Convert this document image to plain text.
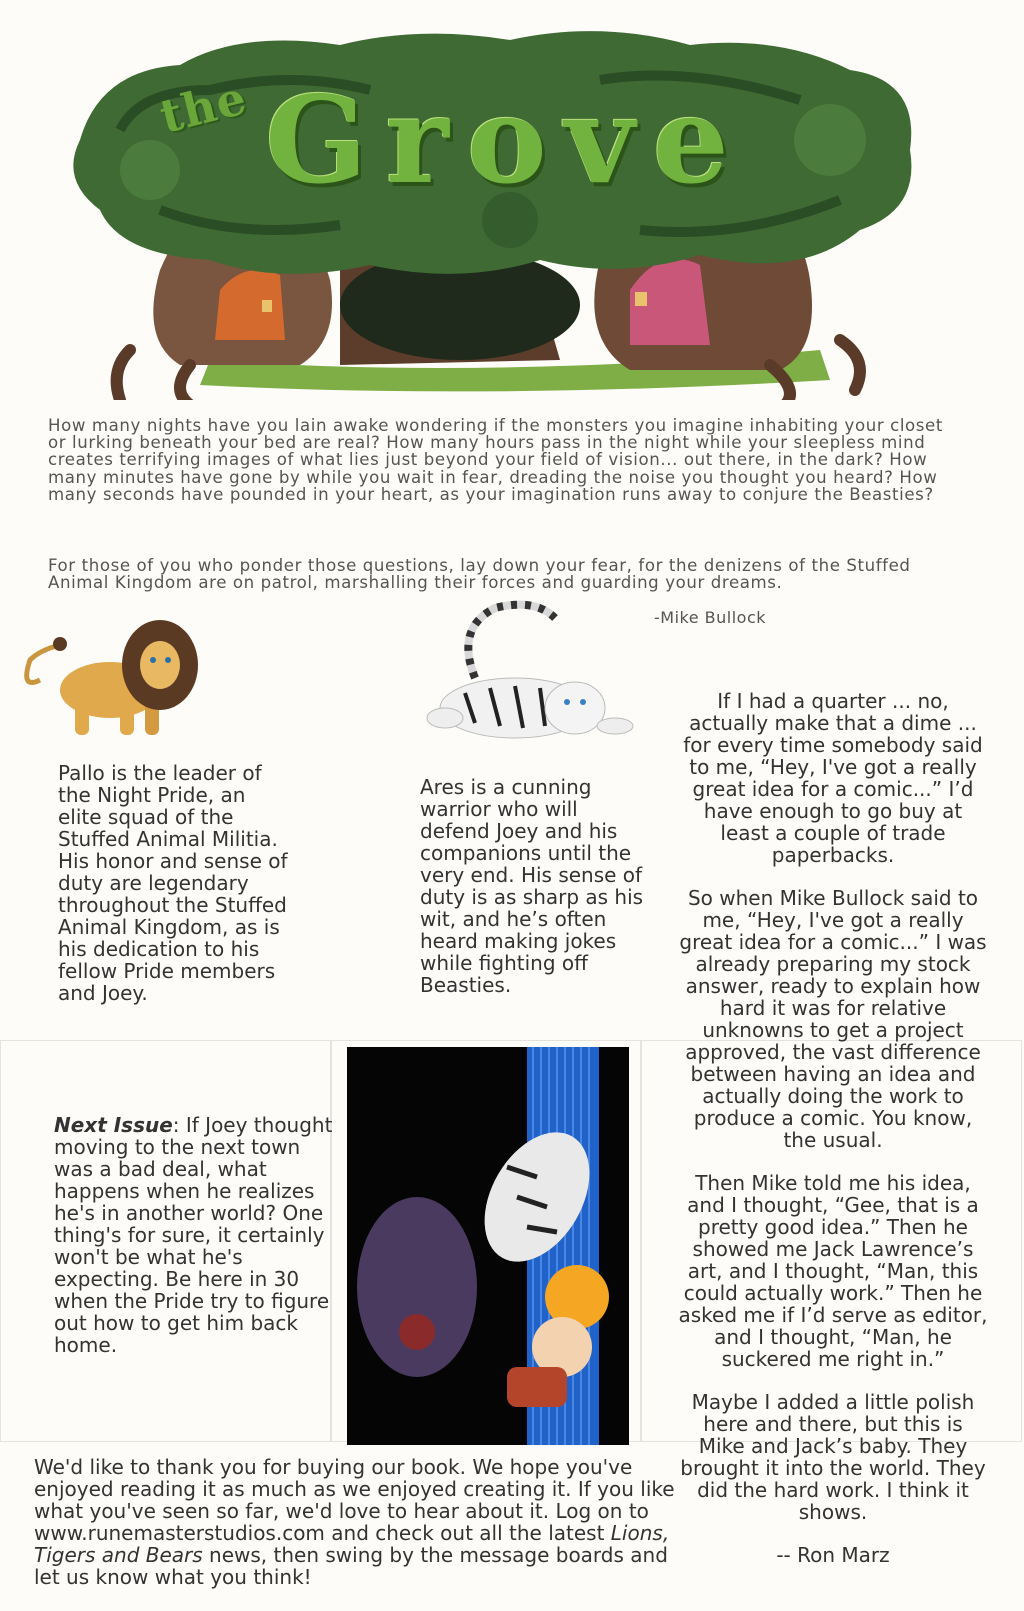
the Grove

How many nights have you lain awake wondering if the monsters you imagine inhabiting your closet or lurking beneath your bed are real? How many hours pass in the night while your sleepless mind creates terrifying images of what lies just beyond your field of vision... out there, in the dark? How many minutes have gone by while you wait in fear, dreading the noise you thought you heard? How many seconds have pounded in your heart, as your imagination runs away to conjure the Beasties?

For those of you who ponder those questions, lay down your fear, for the denizens of the Stuffed Animal Kingdom are on patrol, marshalling their forces and guarding your dreams.

-Mike Bullock

Pallo is the leader of the Night Pride, an elite squad of the Stuffed Animal Militia. His honor and sense of duty are legendary throughout the Stuffed Animal Kingdom, as is his dedication to his fellow Pride members and Joey.

Ares is a cunning warrior who will defend Joey and his companions until the very end. His sense of duty is as sharp as his wit, and he’s often heard making jokes while fighting off Beasties.

Next Issue: If Joey thought moving to the next town was a bad deal, what happens when he realizes he's in another world? One thing's for sure, it certainly won't be what he's expecting. Be here in 30 when the Pride try to figure out how to get him back home.

We'd like to thank you for buying our book. We hope you've enjoyed reading it as much as we enjoyed creating it. If you like what you've seen so far, we'd love to hear about it. Log on to www.runemasterstudios.com and check out all the latest Lions, Tigers and Bears news, then swing by the message boards and let us know what you think!

If I had a quarter ... no, actually make that a dime ... for every time somebody said to me, “Hey, I've got a really great idea for a comic...” I’d have enough to go buy at least a couple of trade paperbacks.

So when Mike Bullock said to me, “Hey, I've got a really great idea for a comic...” I was already preparing my stock answer, ready to explain how hard it was for relative unknowns to get a project approved, the vast difference between having an idea and actually doing the work to produce a comic. You know, the usual.

Then Mike told me his idea, and I thought, “Gee, that is a pretty good idea.” Then he showed me Jack Lawrence’s art, and I thought, “Man, this could actually work.” Then he asked me if I’d serve as editor, and I thought, “Man, he suckered me right in.”

Maybe I added a little polish here and there, but this is Mike and Jack’s baby. They brought it into the world. They did the hard work. I think it shows.

-- Ron Marz
